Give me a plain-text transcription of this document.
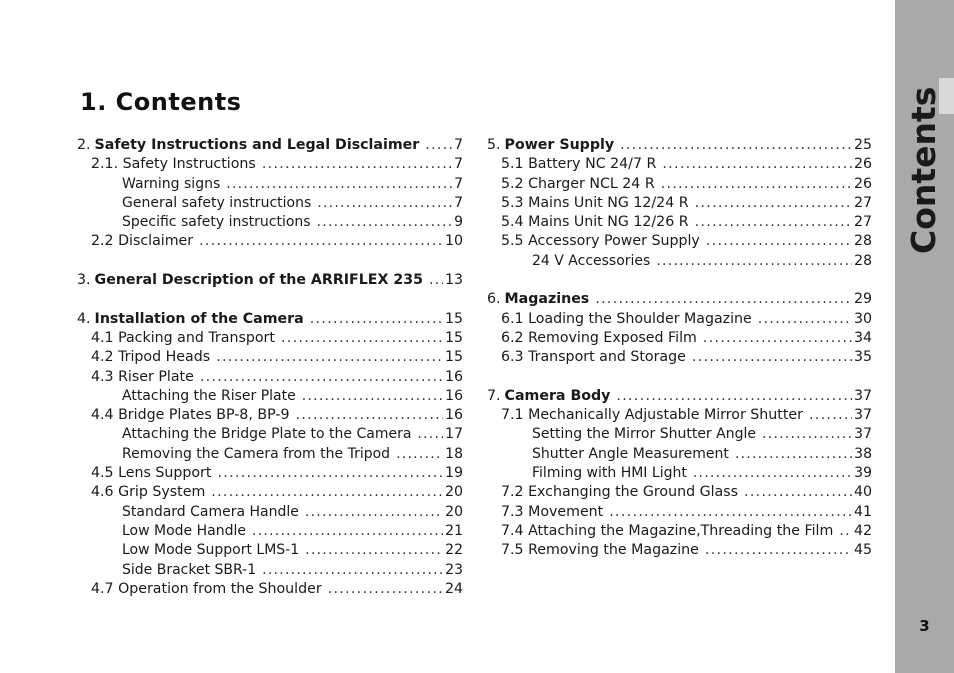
1. Contents
2. Safety Instructions and Legal Disclaimer . . . 7
2.1. Safety Instructions . . .	7
Warning signs . . .	7
General safety instructions . . .	7
Specific safety instructions . . .	9
2.2 Disclaimer . . .	10
3. General Description of the ARRIFLEX 235 . . . 13
4. Installation of the Camera . . .	15
4.1 Packing and Transport . . .	15
4.2 Tripod Heads . . .	15
4.3 Riser Plate . . .	16
Attaching the Riser Plate . . .	16
4.4 Bridge Plates BP-8, BP-9 . . .	16
Attaching the Bridge Plate to the Camera . . . 17
Removing the Camera from the Tripod . . .	18
4.5 Lens Support . . .	19
4.6 Grip System . . .	20
Standard Camera Handle . . .	20
Low Mode Handle . . .	21
Low Mode Support LMS-1 . . .	22
Side Bracket SBR-1 . . .	23
4.7 Operation from the Shoulder . . .	24
5. Power Supply . . .	25
5.1 Battery NC 24/7 R . . .	26
5.2 Charger NCL 24 R . . .	26
5.3 Mains Unit NG 12/24 R . . .	27
5.4 Mains Unit NG 12/26 R . . .	27
5.5 Accessory Power Supply . . .	28
24 V Accessories . . .	28
6. Magazines . . .	29
6.1 Loading the Shoulder Magazine . . .	30
6.2 Removing Exposed Film . . .	34
6.3 Transport and Storage . . .	35
7. Camera Body . . .	37
7.1 Mechanically Adjustable Mirror Shutter . . .	37
Setting the Mirror Shutter Angle . . .	37
Shutter Angle Measurement . . .	38
Filming with HMI Light . . .	39
7.2 Exchanging the Ground Glass . . .	40
7.3 Movement . . .	41
7.4 Attaching the Magazine,Threading the Film . . . 42
7.5 Removing the Magazine . . .	45
Contents
3
